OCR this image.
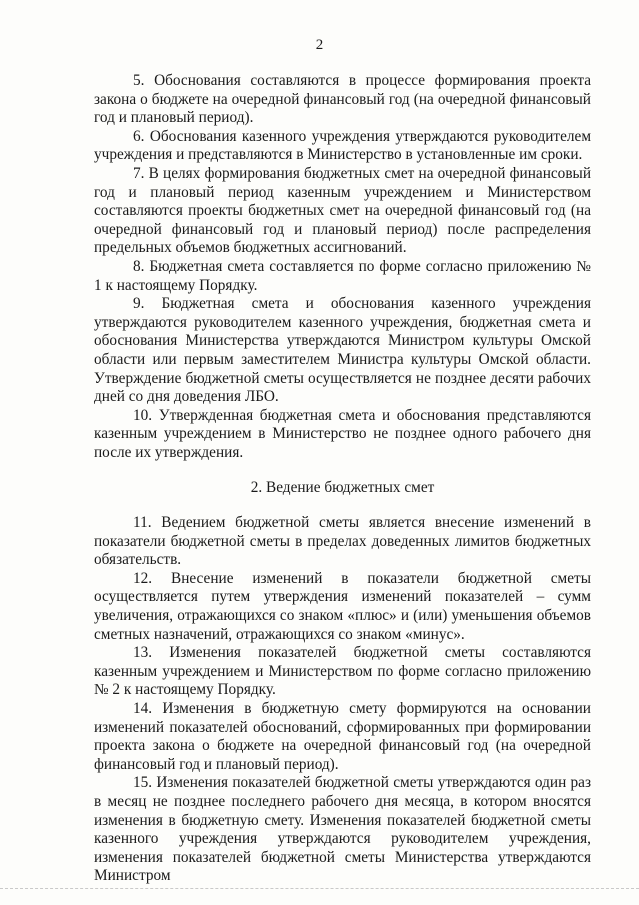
2

5. Обоснования составляются в процессе формирования проекта закона о бюджете на очередной финансовый год (на очередной финансовый год и плановый период).

6. Обоснования казенного учреждения утверждаются руководителем учреждения и представляются в Министерство в установленные им сроки.

7. В целях формирования бюджетных смет на очередной финансовый год и плановый период казенным учреждением и Министерством составляются проекты бюджетных смет на очередной финансовый год (на очередной финансовый год и плановый период) после распределения предельных объемов бюджетных ассигнований.

8. Бюджетная смета составляется по форме согласно приложению № 1 к настоящему Порядку.

9. Бюджетная смета и обоснования казенного учреждения утверждаются руководителем казенного учреждения, бюджетная смета и обоснования Министерства утверждаются Министром культуры Омской области или первым заместителем Министра культуры Омской области. Утверждение бюджетной сметы осуществляется не позднее десяти рабочих дней со дня доведения ЛБО.

10. Утвержденная бюджетная смета и обоснования представляются казенным учреждением в Министерство не позднее одного рабочего дня после их утверждения.

2. Ведение бюджетных смет

11. Ведением бюджетной сметы является внесение изменений в показатели бюджетной сметы в пределах доведенных лимитов бюджетных обязательств.

12. Внесение изменений в показатели бюджетной сметы осуществляется путем утверждения изменений показателей – сумм увеличения, отражающихся со знаком «плюс» и (или) уменьшения объемов сметных назначений, отражающихся со знаком «минус».

13. Изменения показателей бюджетной сметы составляются казенным учреждением и Министерством по форме согласно приложению № 2 к настоящему Порядку.

14. Изменения в бюджетную смету формируются на основании изменений показателей обоснований, сформированных при формировании проекта закона о бюджете на очередной финансовый год (на очередной финансовый год и плановый период).

15. Изменения показателей бюджетной сметы утверждаются один раз в месяц не позднее последнего рабочего дня месяца, в котором вносятся изменения в бюджетную смету. Изменения показателей бюджетной сметы казенного учреждения утверждаются руководителем учреждения, изменения показателей бюджетной сметы Министерства утверждаются Министром
